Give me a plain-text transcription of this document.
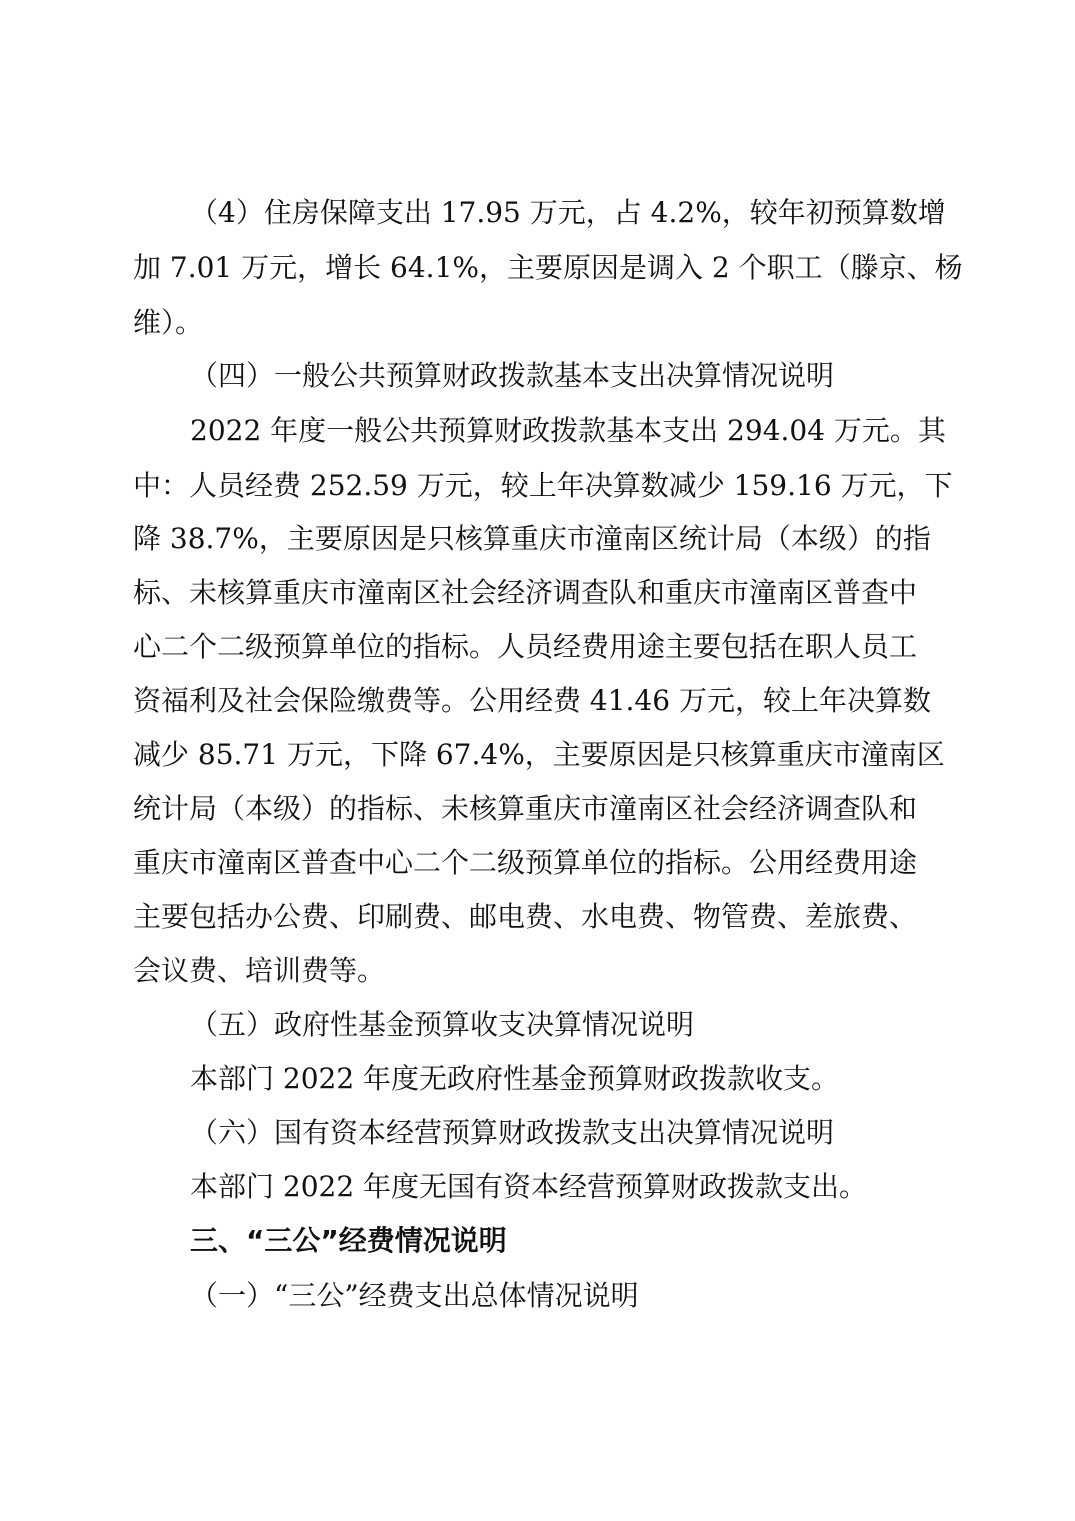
（4）住房保障支出 17.95 万元，占 4.2%，较年初预算数增
加 7.01 万元，增长 64.1%，主要原因是调入 2 个职工（滕京、杨
维）。
（四）一般公共预算财政拨款基本支出决算情况说明
2022 年度一般公共预算财政拨款基本支出 294.04 万元。其
中：人员经费 252.59 万元，较上年决算数减少 159.16 万元，下
降 38.7%，主要原因是只核算重庆市潼南区统计局（本级）的指
标、未核算重庆市潼南区社会经济调查队和重庆市潼南区普查中
心二个二级预算单位的指标。人员经费用途主要包括在职人员工
资福利及社会保险缴费等。公用经费 41.46 万元，较上年决算数
减少 85.71 万元，下降 67.4%，主要原因是只核算重庆市潼南区
统计局（本级）的指标、未核算重庆市潼南区社会经济调查队和
重庆市潼南区普查中心二个二级预算单位的指标。公用经费用途
主要包括办公费、印刷费、邮电费、水电费、物管费、差旅费、
会议费、培训费等。
（五）政府性基金预算收支决算情况说明
本部门 2022 年度无政府性基金预算财政拨款收支。
（六）国有资本经营预算财政拨款支出决算情况说明
本部门 2022 年度无国有资本经营预算财政拨款支出。
三、“三公”经费情况说明
（一）“三公”经费支出总体情况说明
